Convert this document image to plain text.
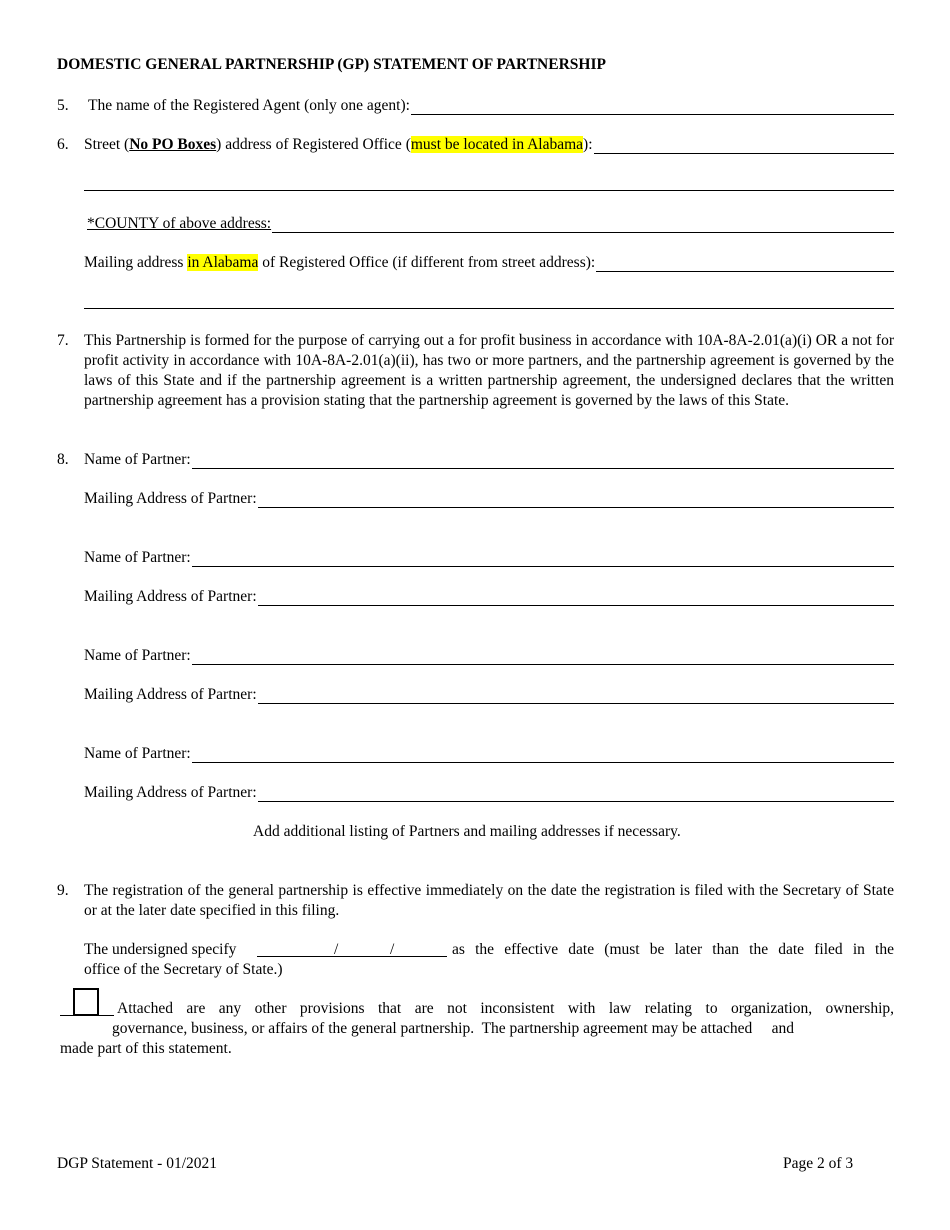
DOMESTIC GENERAL PARTNERSHIP (GP) STATEMENT OF PARTNERSHIP
5. The name of the Registered Agent (only one agent):
6. Street (No PO Boxes) address of Registered Office (must be located in Alabama):
*COUNTY of above address:
Mailing address in Alabama of Registered Office (if different from street address):
7. This Partnership is formed for the purpose of carrying out a for profit business in accordance with 10A-8A-2.01(a)(i) OR a not for profit activity in accordance with 10A-8A-2.01(a)(ii), has two or more partners, and the partnership agreement is governed by the laws of this State and if the partnership agreement is a written partnership agreement, the undersigned declares that the written partnership agreement has a provision stating that the partnership agreement is governed by the laws of this State.
8. Name of Partner:
Mailing Address of Partner:
Name of Partner:
Mailing Address of Partner:
Name of Partner:
Mailing Address of Partner:
Name of Partner:
Mailing Address of Partner:
Add additional listing of Partners and mailing addresses if necessary.
9. The registration of the general partnership is effective immediately on the date the registration is filed with the Secretary of State or at the later date specified in this filing.
The undersigned specify	/	/	as the effective date (must be later than the date filed in the
office of the Secretary of State.)
Attached are any other provisions that are not inconsistent with law relating to organization, ownership,
governance, business, or affairs of the general partnership.  The partnership agreement may be attached     and
made part of this statement.
DGP Statement - 01/2021	Page 2 of 3
